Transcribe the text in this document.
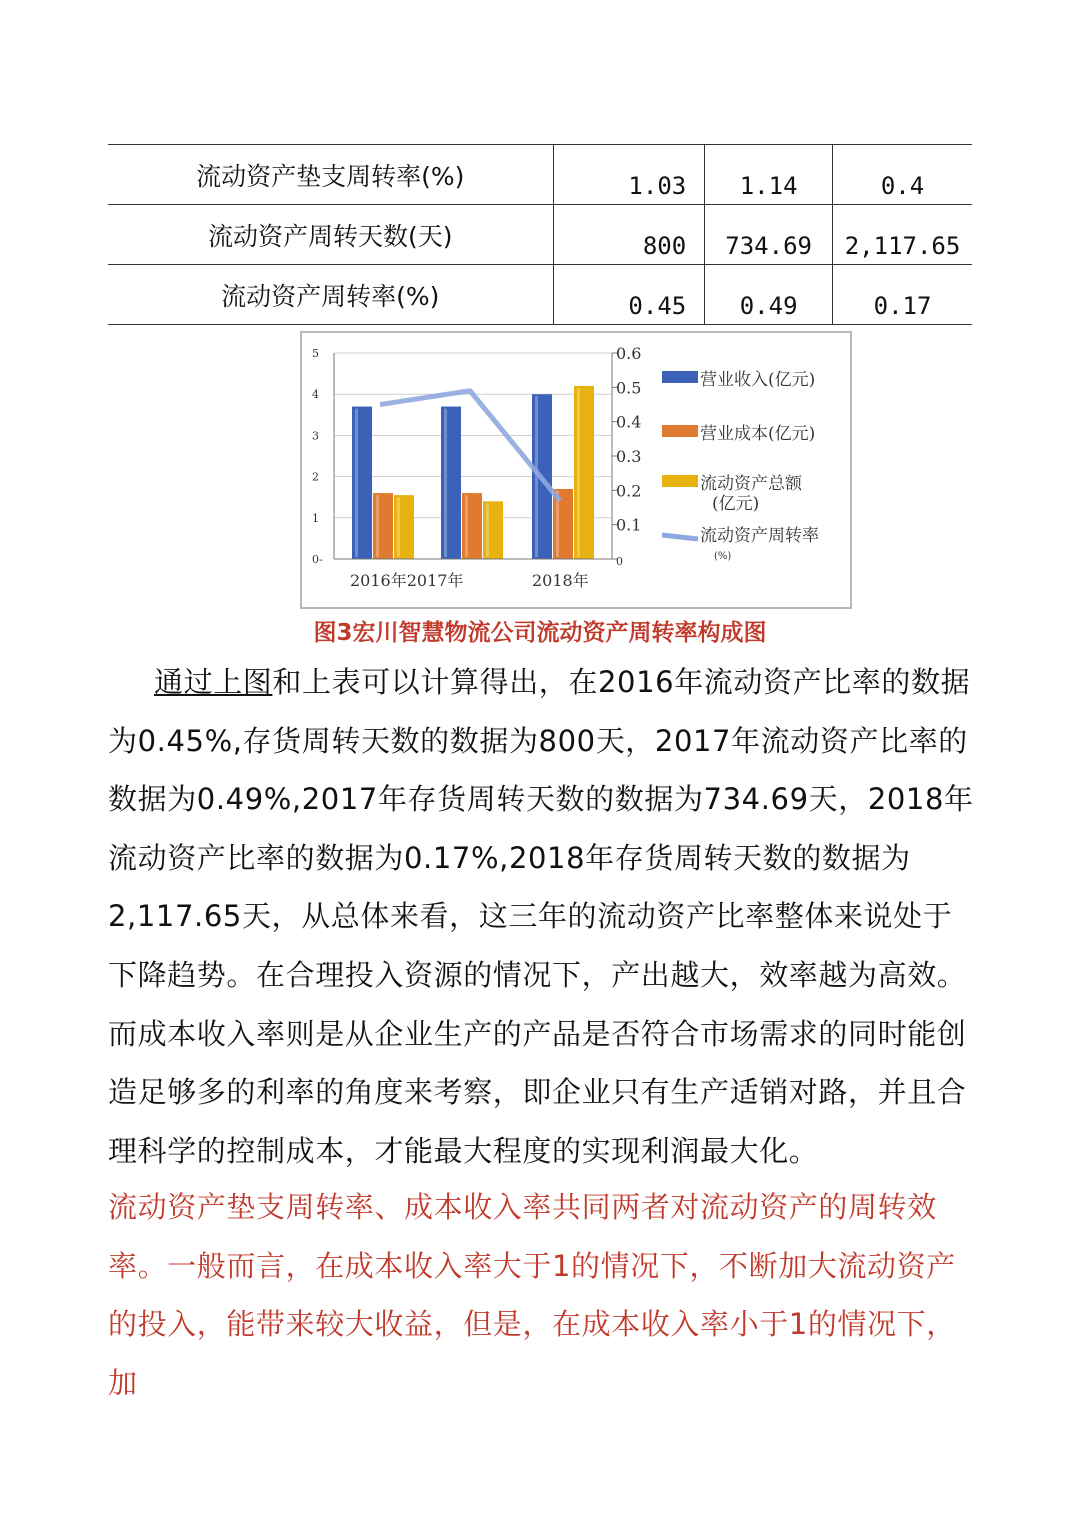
流动资产垫支周转率(%)	1.03	1.14	0.4
流动资产周转天数(天)	800	734.69	2,117.65
流动资产周转率(%)	0.45	0.49	0.17
0-
1
2
3
4
5
0
0.1
0.2
0.3
0.4
0.5
0.6
2016年2017年	2018年
营业收入(亿元)
营业成本(亿元)
流动资产总额
(亿元)
流动资产周转率
(%)
图3宏川智慧物流公司流动资产周转率构成图
通过上图和上表可以计算得出，在2016年流动资产比率的数据为0.45%,存货周转天数的数据为800天，2017年流动资产比率的数据为0.49%,2017年存货周转天数的数据为734.69天，2018年流动资产比率的数据为0.17%,2018年存货周转天数的数据为2,117.65天，从总体来看，这三年的流动资产比率整体来说处于下降趋势。在合理投入资源的情况下，产出越大，效率越为高效。而成本收入率则是从企业生产的产品是否符合市场需求的同时能创造足够多的利率的角度来考察，即企业只有生产适销对路，并且合理科学的控制成本，才能最大程度的实现利润最大化。
流动资产垫支周转率、成本收入率共同两者对流动资产的周转效率。一般而言，在成本收入率大于1的情况下，不断加大流动资产的投入，能带来较大收益，但是，在成本收入率小于1的情况下，加
